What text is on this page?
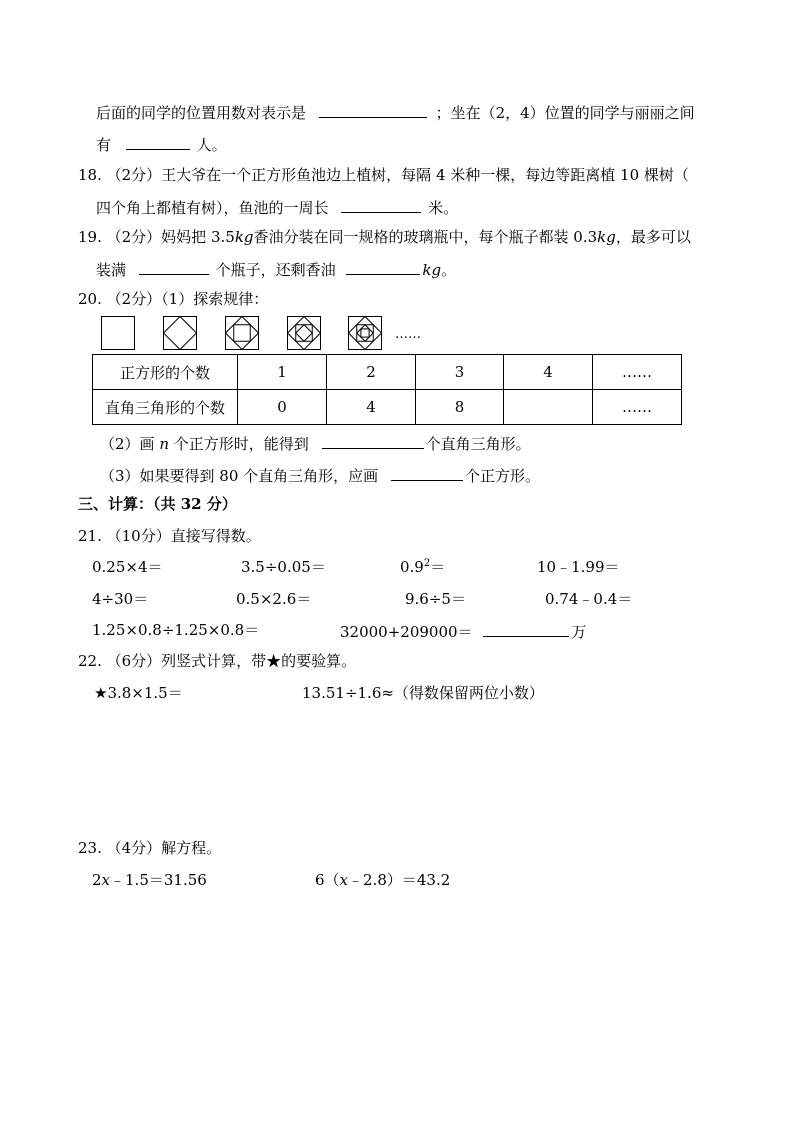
后面的同学的位置用数对表示是	；坐在（2，4）位置的同学与丽丽之间
有	人。
18. （2分）王大爷在一个正方形鱼池边上植树，每隔 4 米种一棵，每边等距离植 10 棵树（
四个角上都植有树），鱼池的一周长	米。
19. （2分）妈妈把 3.5kg香油分装在同一规格的玻璃瓶中，每个瓶子都装 0.3kg，最多可以
装满	个瓶子，还剩香油	kg。
20. （2分）（1）探索规律：
……
正方形的个数	1	2	3	4	……
直角三角形的个数	0	4	8		……
（2）画 n 个正方形时，能得到	个直角三角形。
（3）如果要得到 80 个直角三角形，应画	个正方形。
三、计算：（共 32 分）
21. （10分）直接写得数。
0.25×4＝	3.5÷0.05＝	$0.9^2=$	10﹣1.99＝
4÷30＝	0.5×2.6＝	9.6÷5＝	0.74﹣0.4＝
1.25×0.8÷1.25×0.8＝	32000+209000＝	万
22. （6分）列竖式计算，带★的要验算。
★3.8×1.5＝	13.51÷1.6≈（得数保留两位小数）
23. （4分）解方程。
2x﹣1.5＝31.56	6（x﹣2.8）＝43.2
